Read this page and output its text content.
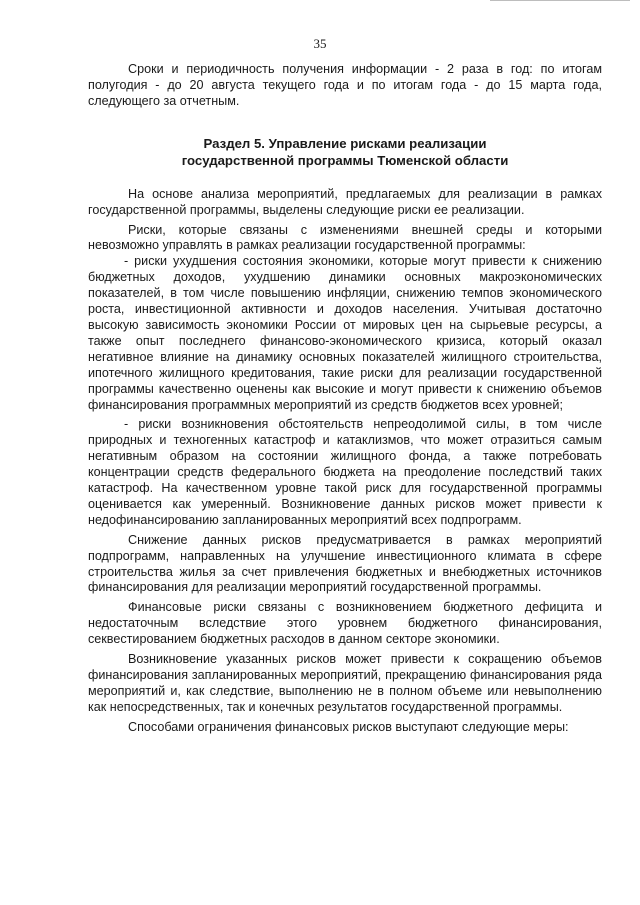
35

Сроки и периодичность получения информации - 2 раза в год: по итогам полугодия - до 20 августа текущего года и по итогам года - до 15 марта года, следующего за отчетным.

Раздел 5. Управление рисками реализации
государственной программы Тюменской области

На основе анализа мероприятий, предлагаемых для реализации в рамках государственной программы, выделены следующие риски ее реализации.

Риски, которые связаны с изменениями внешней среды и которыми невозможно управлять в рамках реализации государственной программы:

- риски ухудшения состояния экономики, которые могут привести к снижению бюджетных доходов, ухудшению динамики основных макроэкономических показателей, в том числе повышению инфляции, снижению темпов экономического роста, инвестиционной активности и доходов населения. Учитывая достаточно высокую зависимость экономики России от мировых цен на сырьевые ресурсы, а также опыт последнего финансово-экономического кризиса, который оказал негативное влияние на динамику основных показателей жилищного строительства, ипотечного жилищного кредитования, такие риски для реализации государственной программы качественно оценены как высокие и могут привести к снижению объемов финансирования программных мероприятий из средств бюджетов всех уровней;

- риски возникновения обстоятельств непреодолимой силы, в том числе природных и техногенных катастроф и катаклизмов, что может отразиться самым негативным образом на состоянии жилищного фонда, а также потребовать концентрации средств федерального бюджета на преодоление последствий таких катастроф. На качественном уровне такой риск для государственной программы оценивается как умеренный. Возникновение данных рисков может привести к недофинансированию запланированных мероприятий всех подпрограмм.

Снижение данных рисков предусматривается в рамках мероприятий подпрограмм, направленных на улучшение инвестиционного климата в сфере строительства жилья за счет привлечения бюджетных и внебюджетных источников финансирования для реализации мероприятий государственной программы.

Финансовые риски связаны с возникновением бюджетного дефицита и недостаточным вследствие этого уровнем бюджетного финансирования, секвестированием бюджетных расходов в данном секторе экономики.

Возникновение указанных рисков может привести к сокращению объемов финансирования запланированных мероприятий, прекращению финансирования ряда мероприятий и, как следствие, выполнению не в полном объеме или невыполнению как непосредственных, так и конечных результатов государственной программы.

Способами ограничения финансовых рисков выступают следующие меры:
